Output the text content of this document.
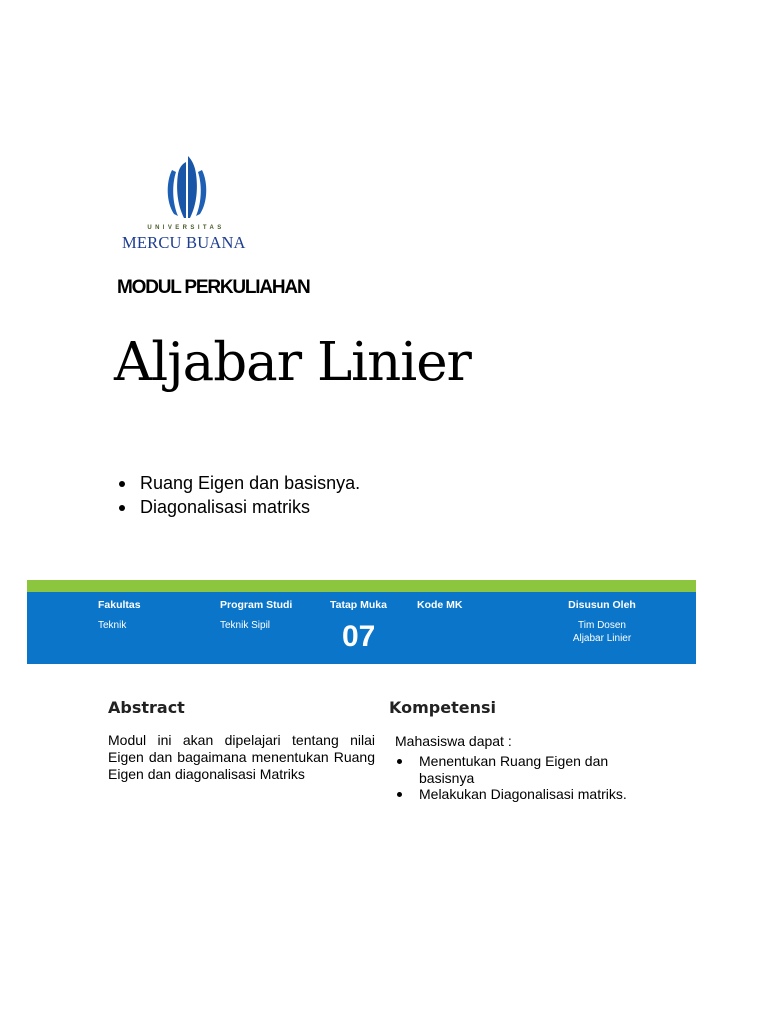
UNIVERSITAS
MERCU BUANA
MODUL PERKULIAHAN
Aljabar Linier
Ruang Eigen dan basisnya.
Diagonalisasi matriks
Fakultas
Teknik
Program Studi
Teknik Sipil
Tatap Muka
07
Kode MK	Disusun Oleh
Tim Dosen
Aljabar Linier
Abstract
Modul ini akan dipelajari tentang nilai Eigen dan bagaimana menentukan Ruang Eigen dan diagonalisasi Matriks
Kompetensi
Mahasiswa dapat :
Menentukan Ruang Eigen dan basisnya
Melakukan Diagonalisasi matriks.
